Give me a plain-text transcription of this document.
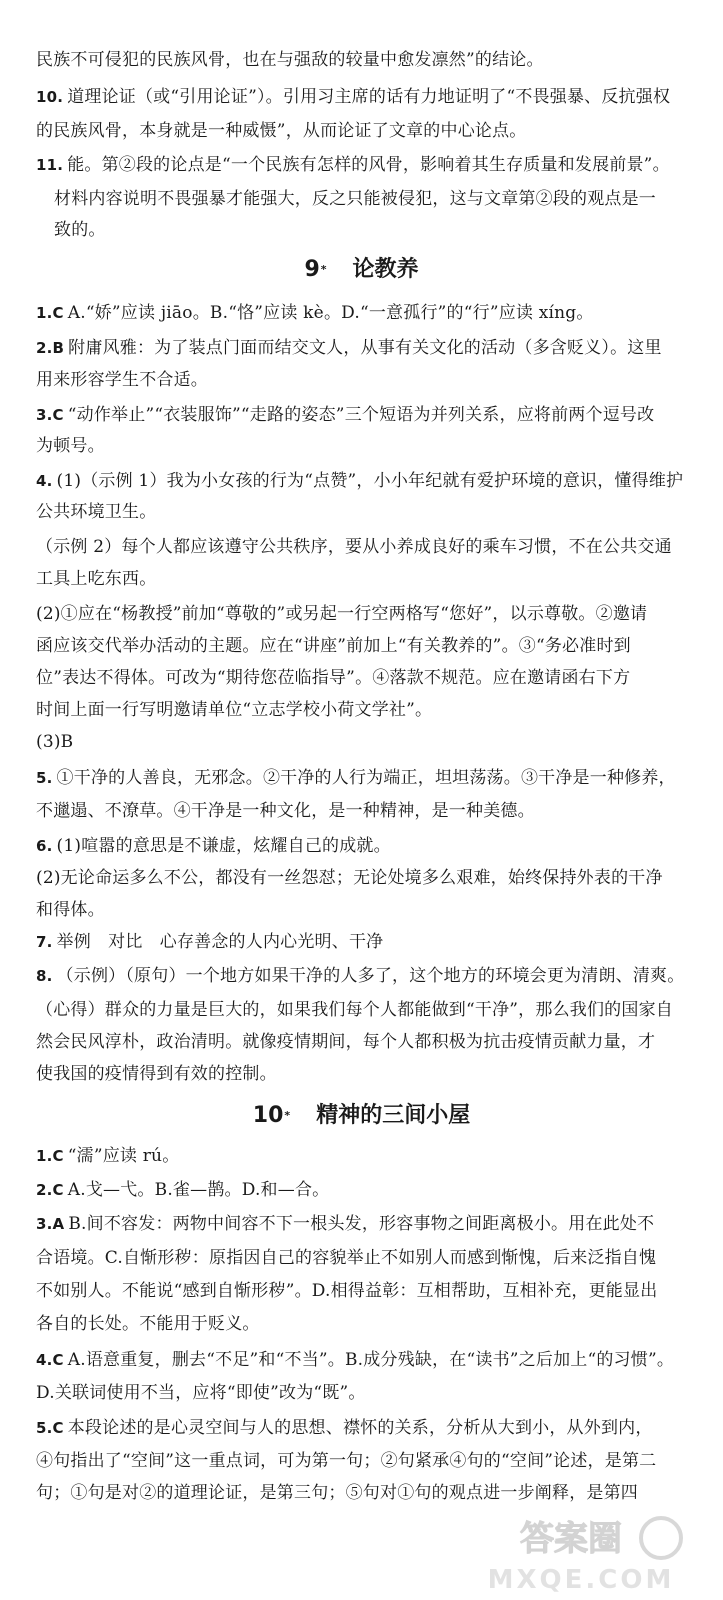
民族不可侵犯的民族风骨，也在与强敌的较量中愈发凛然”的结论。
10. 道理论证（或“引用论证”）。引用习主席的话有力地证明了“不畏强暴、反抗强权
的民族风骨，本身就是一种威慑”，从而论证了文章的中心论点。
11. 能。第②段的论点是“一个民族有怎样的风骨，影响着其生存质量和发展前景”。
材料内容说明不畏强暴才能强大，反之只能被侵犯，这与文章第②段的观点是一
致的。
9* 论教养
1.C A.“娇”应读 jiāo。B.“恪”应读 kè。D.“一意孤行”的“行”应读 xíng。
2.B 附庸风雅：为了装点门面而结交文人，从事有关文化的活动（多含贬义）。这里
用来形容学生不合适。
3.C “动作举止”“衣装服饰”“走路的姿态”三个短语为并列关系，应将前两个逗号改
为顿号。
4. (1)（示例 1）我为小女孩的行为“点赞”，小小年纪就有爱护环境的意识，懂得维护
公共环境卫生。
（示例 2）每个人都应该遵守公共秩序，要从小养成良好的乘车习惯，不在公共交通
工具上吃东西。
(2)①应在“杨教授”前加“尊敬的”或另起一行空两格写“您好”，以示尊敬。②邀请
函应该交代举办活动的主题。应在“讲座”前加上“有关教养的”。③“务必准时到
位”表达不得体。可改为“期待您莅临指导”。④落款不规范。应在邀请函右下方
时间上面一行写明邀请单位“立志学校小荷文学社”。
(3)B
5. ①干净的人善良，无邪念。②干净的人行为端正，坦坦荡荡。③干净是一种修养，
不邋遢、不潦草。④干净是一种文化，是一种精神，是一种美德。
6. (1)喧嚣的意思是不谦虚，炫耀自己的成就。
(2)无论命运多么不公，都没有一丝怨怼；无论处境多么艰难，始终保持外表的干净
和得体。
7. 举例　对比　心存善念的人内心光明、干净
8. （示例）（原句）一个地方如果干净的人多了，这个地方的环境会更为清朗、清爽。
（心得）群众的力量是巨大的，如果我们每个人都能做到“干净”，那么我们的国家自
然会民风淳朴，政治清明。就像疫情期间，每个人都积极为抗击疫情贡献力量，才
使我国的疫情得到有效的控制。
10* 精神的三间小屋
1.C “濡”应读 rú。
2.C A.戈—弋。B.雀—鹊。D.和—合。
3.A B.间不容发：两物中间容不下一根头发，形容事物之间距离极小。用在此处不
合语境。C.自惭形秽：原指因自己的容貌举止不如别人而感到惭愧，后来泛指自愧
不如别人。不能说“感到自惭形秽”。D.相得益彰：互相帮助，互相补充，更能显出
各自的长处。不能用于贬义。
4.C A.语意重复，删去“不足”和“不当”。B.成分残缺，在“读书”之后加上“的习惯”。
D.关联词使用不当，应将“即使”改为“既”。
5.C 本段论述的是心灵空间与人的思想、襟怀的关系，分析从大到小，从外到内，
④句指出了“空间”这一重点词，可为第一句；②句紧承④句的“空间”论述，是第二
句；①句是对②的道理论证，是第三句；⑤句对①句的观点进一步阐释，是第四
答案圈
MXQE.COM
